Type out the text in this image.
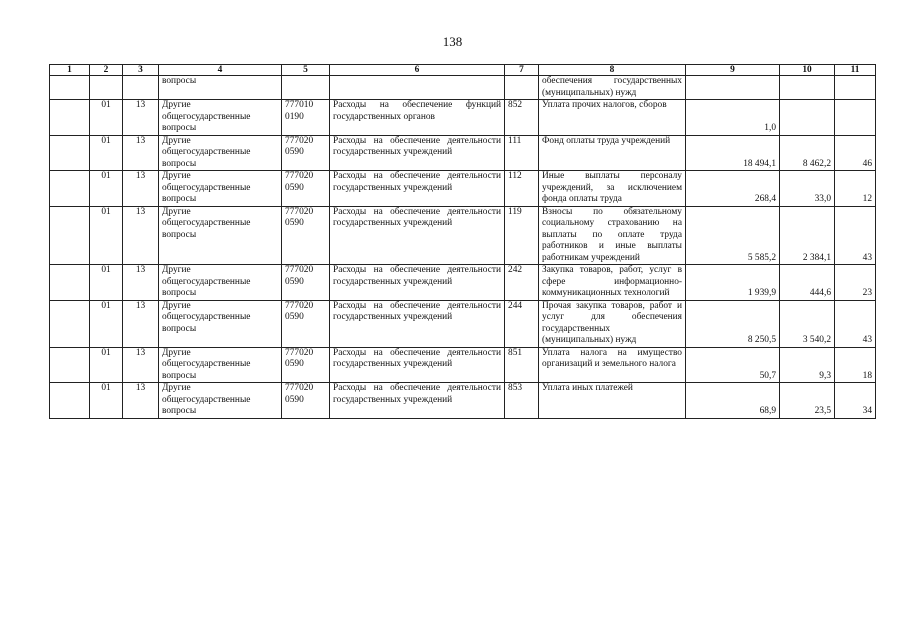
138
1	2	3	4	5	6	7	8	9	10	11
			вопросы				обеспечения государственных (муниципальных) нужд			
	01	13	Другие общегосударственные вопросы	777010 0190	Расходы на обеспечение функций государственных органов	852	Уплата прочих налогов, сборов	1,0		
	01	13	Другие общегосударственные вопросы	777020 0590	Расходы на обеспечение деятельности государственных учреждений	111	Фонд оплаты труда учреждений	18 494,1	8 462,2	46
	01	13	Другие общегосударственные вопросы	777020 0590	Расходы на обеспечение деятельности государственных учреждений	112	Иные выплаты персоналу учреждений, за исключением фонда оплаты труда	268,4	33,0	12
	01	13	Другие общегосударственные вопросы	777020 0590	Расходы на обеспечение деятельности государственных учреждений	119	Взносы по обязательному социальному страхованию на выплаты по оплате труда работников и иные выплаты работникам учреждений	5 585,2	2 384,1	43
	01	13	Другие общегосударственные вопросы	777020 0590	Расходы на обеспечение деятельности государственных учреждений	242	Закупка товаров, работ, услуг в сфере информационно-коммуникационных технологий	1 939,9	444,6	23
	01	13	Другие общегосударственные вопросы	777020 0590	Расходы на обеспечение деятельности государственных учреждений	244	Прочая закупка товаров, работ и услуг для обеспечения государственных (муниципальных) нужд	8 250,5	3 540,2	43
	01	13	Другие общегосударственные вопросы	777020 0590	Расходы на обеспечение деятельности государственных учреждений	851	Уплата налога на имущество организаций и земельного налога	50,7	9,3	18
	01	13	Другие общегосударственные вопросы	777020 0590	Расходы на обеспечение деятельности государственных учреждений	853	Уплата иных платежей	68,9	23,5	34
